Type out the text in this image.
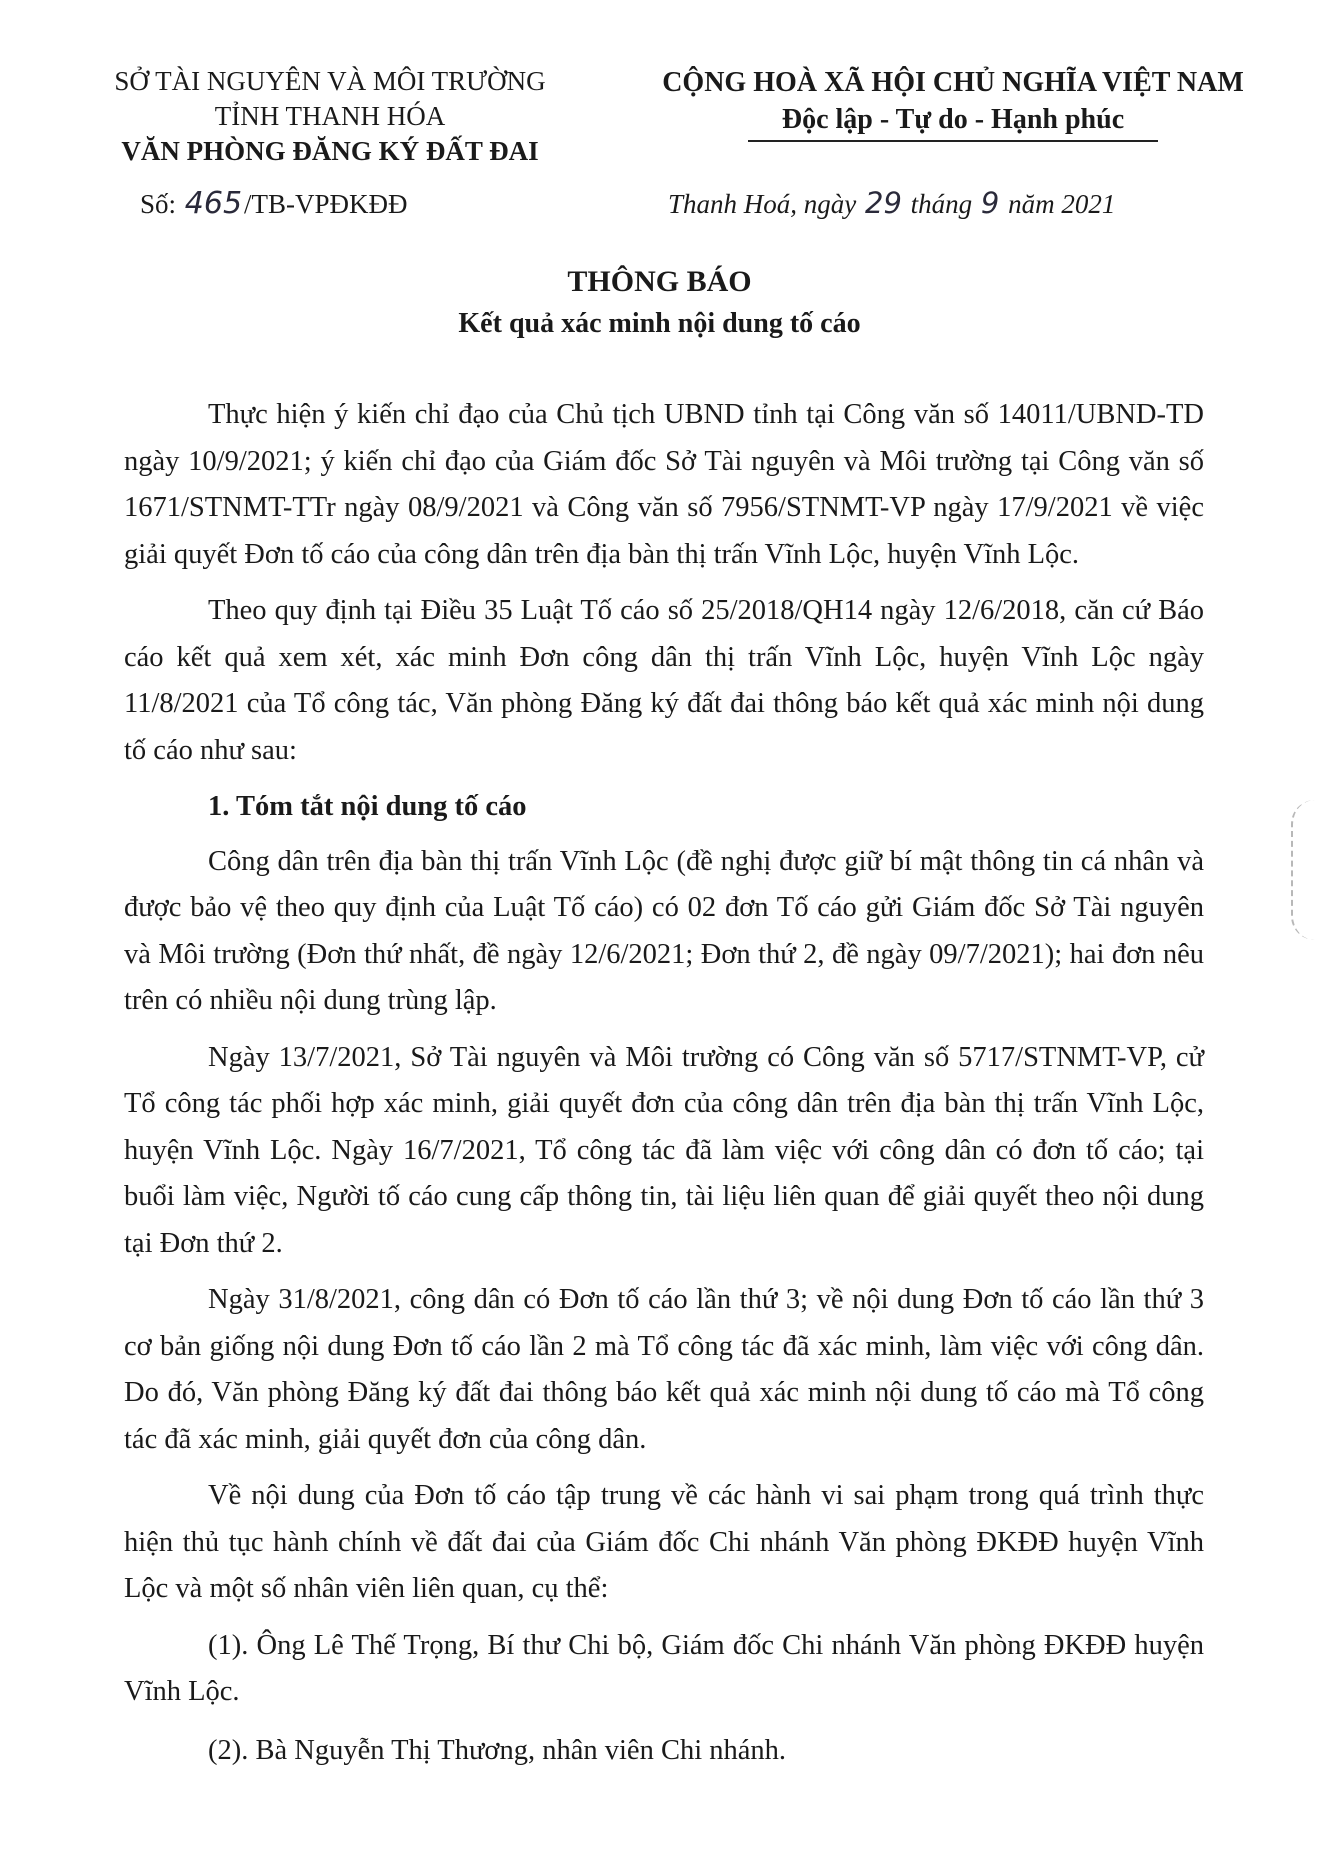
SỞ TÀI NGUYÊN VÀ MÔI TRƯỜNG
TỈNH THANH HÓA
VĂN PHÒNG ĐĂNG KÝ ĐẤT ĐAI
CỘNG HOÀ XÃ HỘI CHỦ NGHĨA VIỆT NAM
Độc lập - Tự do - Hạnh phúc
Số: 465/TB-VPĐKĐĐ	Thanh Hoá, ngày 29 tháng 9 năm 2021
THÔNG BÁO
Kết quả xác minh nội dung tố cáo

Thực hiện ý kiến chỉ đạo của Chủ tịch UBND tỉnh tại Công văn số 14011/UBND-TD ngày 10/9/2021; ý kiến chỉ đạo của Giám đốc Sở Tài nguyên và Môi trường tại Công văn số 1671/STNMT-TTr ngày 08/9/2021 và Công văn số 7956/STNMT-VP ngày 17/9/2021 về việc giải quyết Đơn tố cáo của công dân trên địa bàn thị trấn Vĩnh Lộc, huyện Vĩnh Lộc.

Theo quy định tại Điều 35 Luật Tố cáo số 25/2018/QH14 ngày 12/6/2018, căn cứ Báo cáo kết quả xem xét, xác minh Đơn công dân thị trấn Vĩnh Lộc, huyện Vĩnh Lộc ngày 11/8/2021 của Tổ công tác, Văn phòng Đăng ký đất đai thông báo kết quả xác minh nội dung tố cáo như sau:

1. Tóm tắt nội dung tố cáo

Công dân trên địa bàn thị trấn Vĩnh Lộc (đề nghị được giữ bí mật thông tin cá nhân và được bảo vệ theo quy định của Luật Tố cáo) có 02 đơn Tố cáo gửi Giám đốc Sở Tài nguyên và Môi trường (Đơn thứ nhất, đề ngày 12/6/2021; Đơn thứ 2, đề ngày 09/7/2021); hai đơn nêu trên có nhiều nội dung trùng lập.

Ngày 13/7/2021, Sở Tài nguyên và Môi trường có Công văn số 5717/STNMT-VP, cử Tổ công tác phối hợp xác minh, giải quyết đơn của công dân trên địa bàn thị trấn Vĩnh Lộc, huyện Vĩnh Lộc. Ngày 16/7/2021, Tổ công tác đã làm việc với công dân có đơn tố cáo; tại buổi làm việc, Người tố cáo cung cấp thông tin, tài liệu liên quan để giải quyết theo nội dung tại Đơn thứ 2.

Ngày 31/8/2021, công dân có Đơn tố cáo lần thứ 3; về nội dung Đơn tố cáo lần thứ 3 cơ bản giống nội dung Đơn tố cáo lần 2 mà Tổ công tác đã xác minh, làm việc với công dân. Do đó, Văn phòng Đăng ký đất đai thông báo kết quả xác minh nội dung tố cáo mà Tổ công tác đã xác minh, giải quyết đơn của công dân.

Về nội dung của Đơn tố cáo tập trung về các hành vi sai phạm trong quá trình thực hiện thủ tục hành chính về đất đai của Giám đốc Chi nhánh Văn phòng ĐKĐĐ huyện Vĩnh Lộc và một số nhân viên liên quan, cụ thể:

(1). Ông Lê Thế Trọng, Bí thư Chi bộ, Giám đốc Chi nhánh Văn phòng ĐKĐĐ huyện Vĩnh Lộc.

(2). Bà Nguyễn Thị Thương, nhân viên Chi nhánh.
